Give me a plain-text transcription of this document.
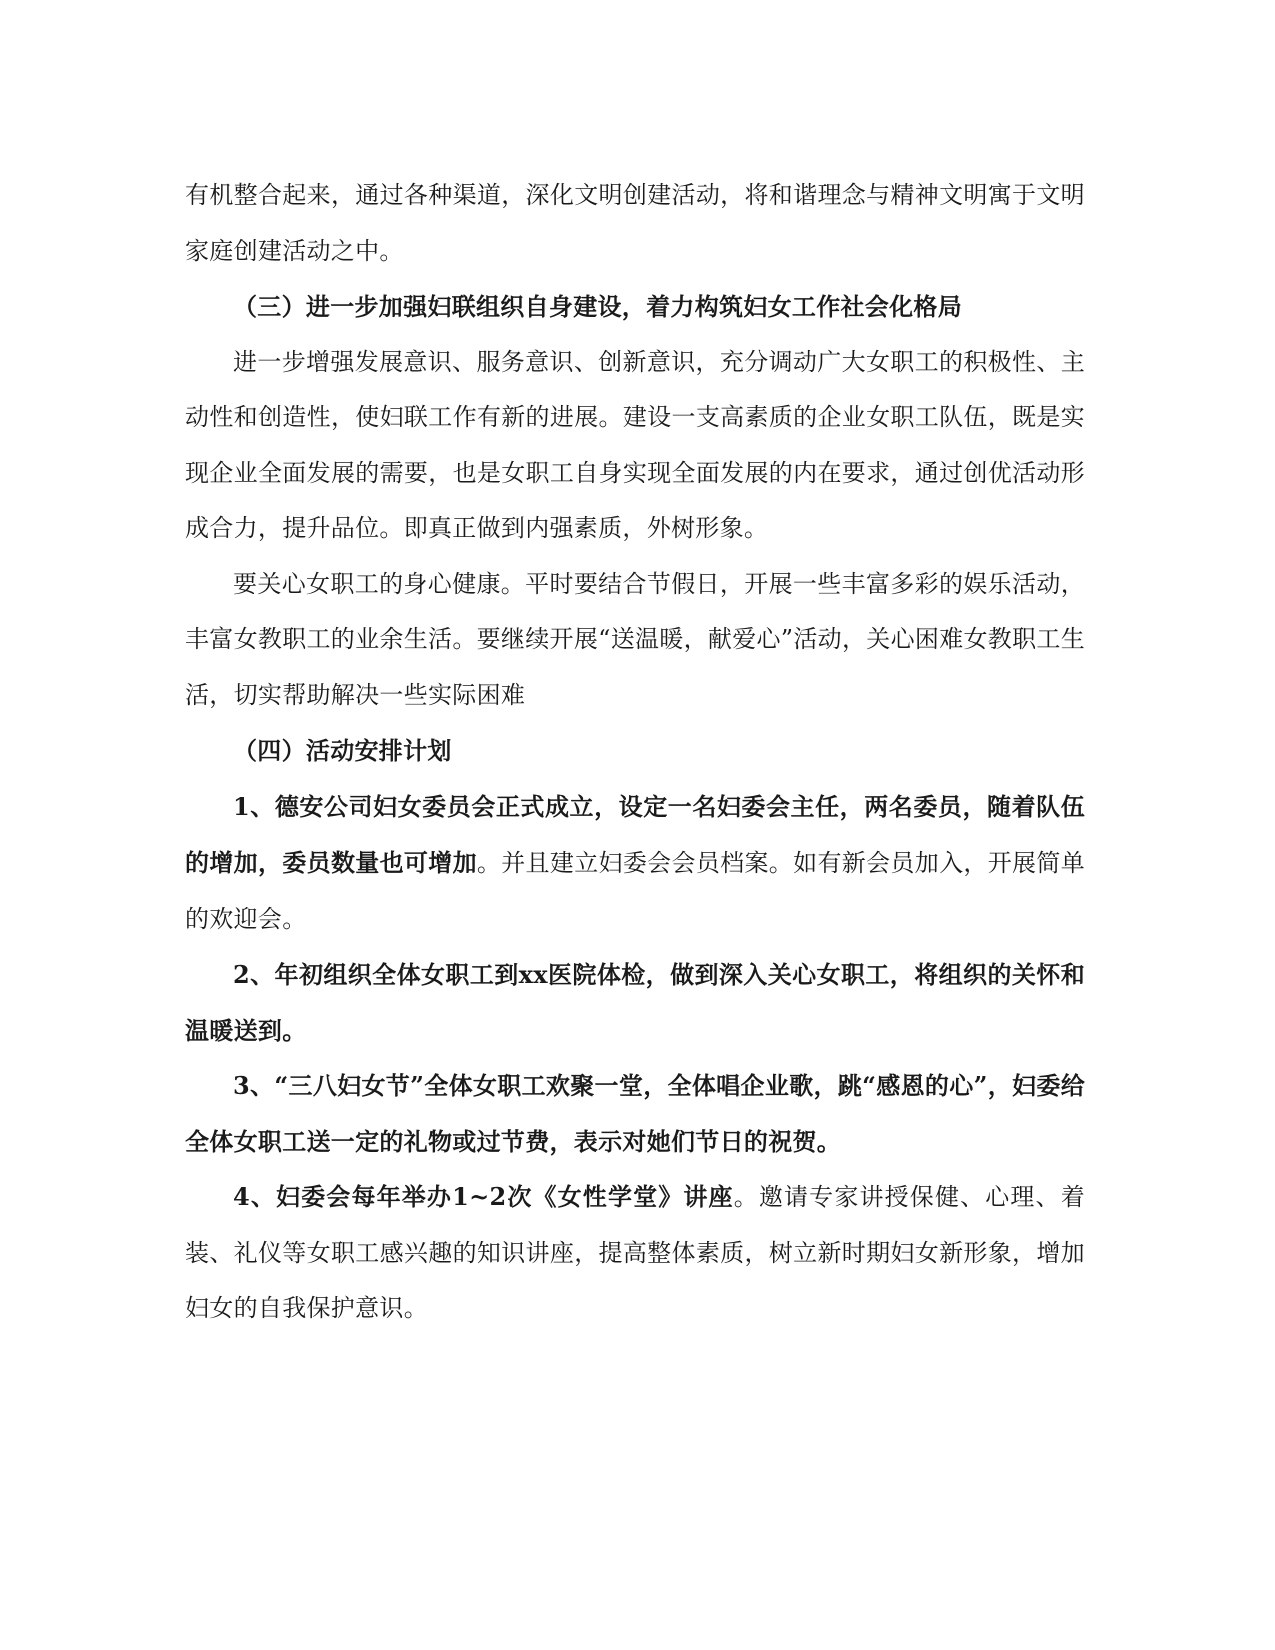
有机整合起来，通过各种渠道，深化文明创建活动，将和谐理念与精神文明寓于文明家庭创建活动之中。

（三）进一步加强妇联组织自身建设，着力构筑妇女工作社会化格局

进一步增强发展意识、服务意识、创新意识，充分调动广大女职工的积极性、主动性和创造性，使妇联工作有新的进展。建设一支高素质的企业女职工队伍，既是实现企业全面发展的需要，也是女职工自身实现全面发展的内在要求，通过创优活动形成合力，提升品位。即真正做到内强素质，外树形象。

要关心女职工的身心健康。平时要结合节假日，开展一些丰富多彩的娱乐活动，丰富女教职工的业余生活。要继续开展“送温暖，献爱心”活动，关心困难女教职工生活，切实帮助解决一些实际困难

（四）活动安排计划

1、德安公司妇女委员会正式成立，设定一名妇委会主任，两名委员，随着队伍的增加，委员数量也可增加。并且建立妇委会会员档案。如有新会员加入，开展简单的欢迎会。

2、年初组织全体女职工到xx医院体检，做到深入关心女职工，将组织的关怀和温暖送到。

3、“三八妇女节”全体女职工欢聚一堂，全体唱企业歌，跳“感恩的心”，妇委给全体女职工送一定的礼物或过节费，表示对她们节日的祝贺。

4、妇委会每年举办1~2次《女性学堂》讲座。邀请专家讲授保健、心理、着装、礼仪等女职工感兴趣的知识讲座，提高整体素质，树立新时期妇女新形象，增加妇女的自我保护意识。
